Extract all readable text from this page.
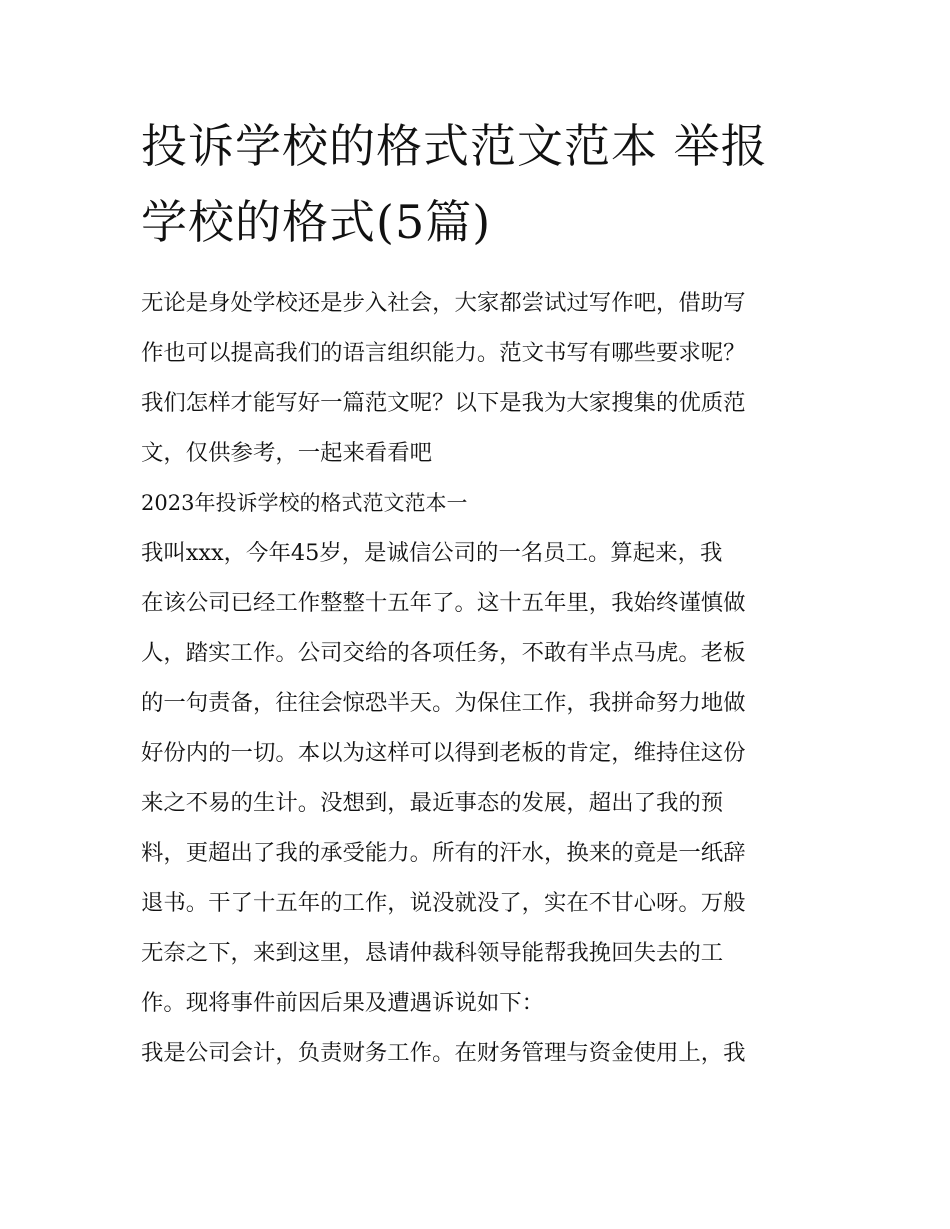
投诉学校的格式范文范本 举报
学校的格式(5篇)

无论是身处学校还是步入社会，大家都尝试过写作吧，借助写
作也可以提高我们的语言组织能力。范文书写有哪些要求呢？
我们怎样才能写好一篇范文呢？以下是我为大家搜集的优质范
文，仅供参考，一起来看看吧

2023年投诉学校的格式范文范本一

我叫xxx，今年45岁，是诚信公司的一名员工。算起来，我
在该公司已经工作整整十五年了。这十五年里，我始终谨慎做
人，踏实工作。公司交给的各项任务，不敢有半点马虎。老板
的一句责备，往往会惊恐半天。为保住工作，我拼命努力地做
好份内的一切。本以为这样可以得到老板的肯定，维持住这份
来之不易的生计。没想到，最近事态的发展，超出了我的预
料，更超出了我的承受能力。所有的汗水，换来的竟是一纸辞
退书。干了十五年的工作，说没就没了，实在不甘心呀。万般
无奈之下，来到这里，恳请仲裁科领导能帮我挽回失去的工
作。现将事件前因后果及遭遇诉说如下：

我是公司会计，负责财务工作。在财务管理与资金使用上，我
